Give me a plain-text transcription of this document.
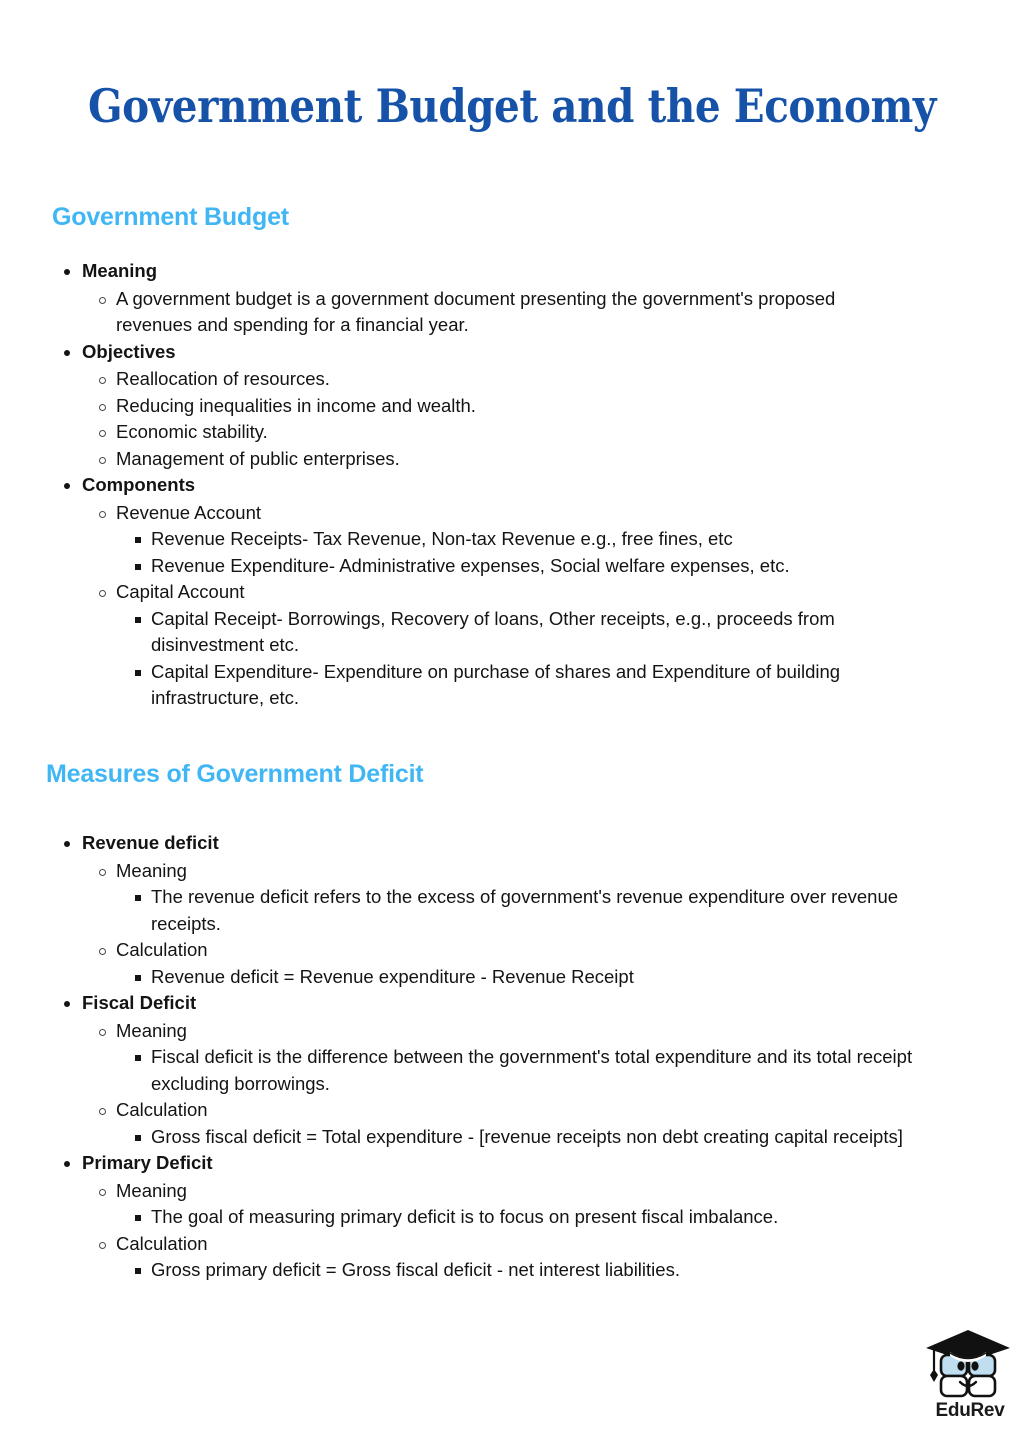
Government Budget and the Economy
Government Budget
Meaning
A government budget is a government document presenting the government's proposed revenues and spending for a financial year.
Objectives
Reallocation of resources.
Reducing inequalities in income and wealth.
Economic stability.
Management of public enterprises.
Components
Revenue Account
Revenue Receipts- Tax Revenue, Non-tax Revenue e.g., free fines, etc
Revenue Expenditure- Administrative expenses, Social welfare expenses, etc.
Capital Account
Capital Receipt- Borrowings, Recovery of loans, Other receipts, e.g., proceeds from disinvestment etc.
Capital Expenditure- Expenditure on purchase of shares and Expenditure of building infrastructure, etc.
Measures of Government Deficit
Revenue deficit
Meaning
The revenue deficit refers to the excess of government's revenue expenditure over revenue receipts.
Calculation
Revenue deficit = Revenue expenditure - Revenue Receipt
Fiscal Deficit
Meaning
Fiscal deficit is the difference between the government's total expenditure and its total receipt excluding borrowings.
Calculation
Gross fiscal deficit = Total expenditure - [revenue receipts non debt creating capital receipts]
Primary Deficit
Meaning
The goal of measuring primary deficit is to focus on present fiscal imbalance.
Calculation
Gross primary deficit = Gross fiscal deficit - net interest liabilities.
EduRev
